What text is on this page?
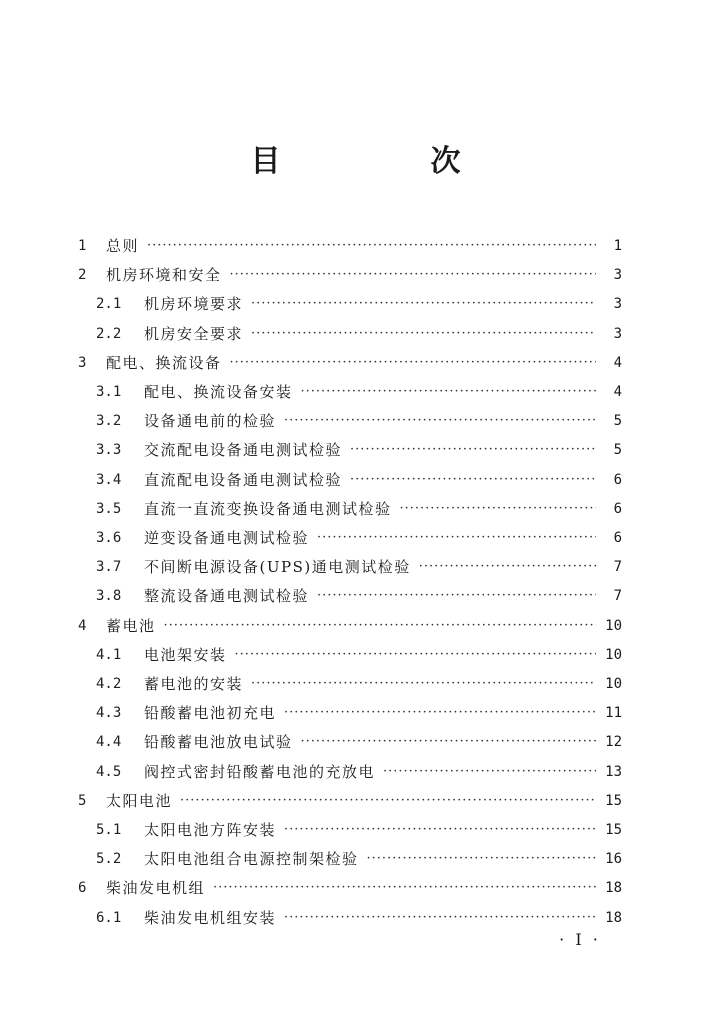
目　次
1	总则 ·····	1
2	机房环境和安全 ·····	3
2.1	机房环境要求 ·····	3
2.2	机房安全要求 ·····	3
3	配电、换流设备 ·····	4
3.1	配电、换流设备安装 ·····	4
3.2	设备通电前的检验 ·····	5
3.3	交流配电设备通电测试检验 ·····	5
3.4	直流配电设备通电测试检验 ·····	6
3.5	直流一直流变换设备通电测试检验 ·····	6
3.6	逆变设备通电测试检验 ·····	6
3.7	不间断电源设备(UPS)通电测试检验 ·····	7
3.8	整流设备通电测试检验 ·····	7
4	蓄电池 ·····	10
4.1	电池架安装 ·····	10
4.2	蓄电池的安装 ·····	10
4.3	铅酸蓄电池初充电 ·····	11
4.4	铅酸蓄电池放电试验 ·····	12
4.5	阀控式密封铅酸蓄电池的充放电 ·····	13
5	太阳电池 ·····	15
5.1	太阳电池方阵安装 ·····	15
5.2	太阳电池组合电源控制架检验 ·····	16
6	柴油发电机组 ·····	18
6.1	柴油发电机组安装 ·····	18
· I ·
